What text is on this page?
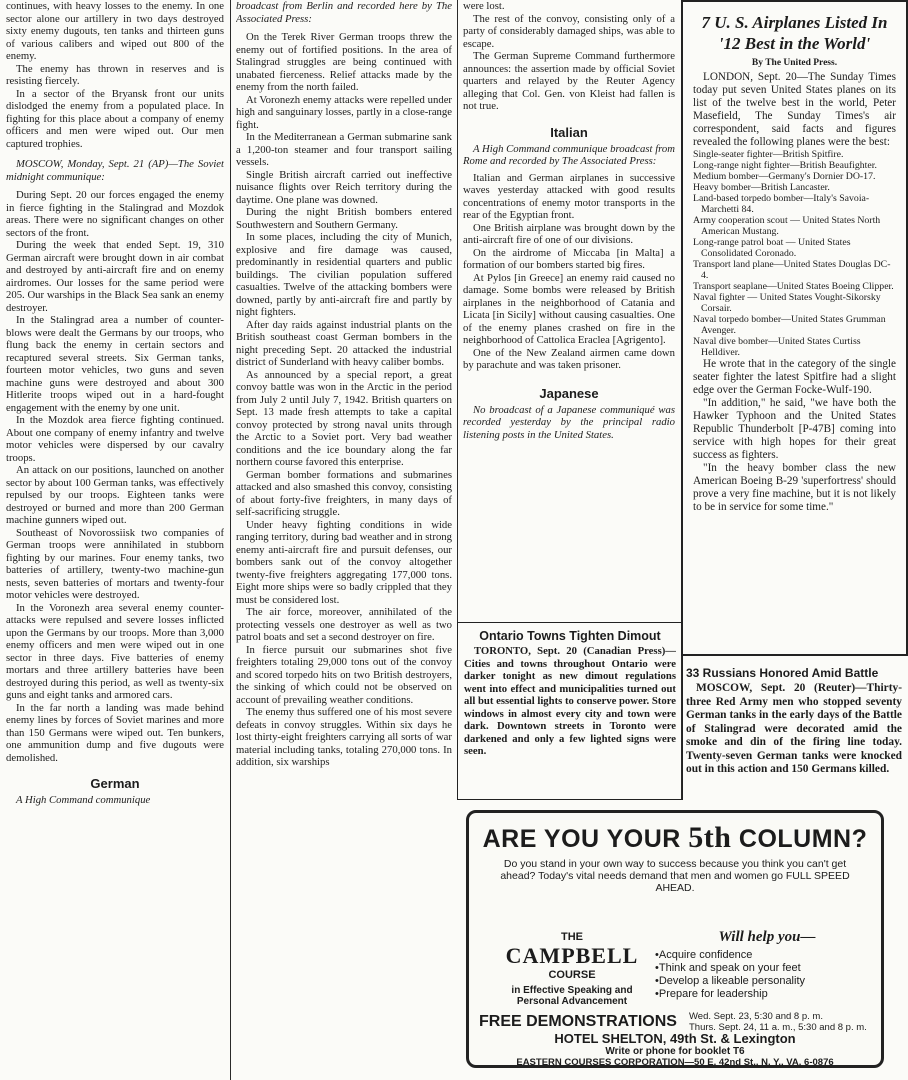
continues, with heavy losses to the enemy. In one sector alone our artillery in two days destroyed sixty enemy dugouts, ten tanks and thirteen guns of various calibers and wiped out 800 of the enemy.

The enemy has thrown in reserves and is resisting fiercely.

In a sector of the Bryansk front our units dislodged the enemy from a populated place. In fighting for this place about a company of enemy officers and men were wiped out. Our men captured trophies.

MOSCOW, Monday, Sept. 21 (AP)—The Soviet midnight communique:

During Sept. 20 our forces engaged the enemy in fierce fighting in the Stalingrad and Mozdok areas. There were no significant changes on other sectors of the front.

During the week that ended Sept. 19, 310 German aircraft were brought down in air combat and destroyed by anti-aircraft fire and on enemy airdromes. Our losses for the same period were 205. Our warships in the Black Sea sank an enemy destroyer.

In the Stalingrad area a number of counter-blows were dealt the Germans by our troops, who flung back the enemy in certain sectors and recaptured several streets. Six German tanks, fourteen motor vehicles, two guns and seven machine guns were destroyed and about 300 Hitlerite troops wiped out in a hard-fought engagement with the enemy by one unit.

In the Mozdok area fierce fighting continued. About one company of enemy infantry and twelve motor vehicles were dispersed by our cavalry troops.

An attack on our positions, launched on another sector by about 100 German tanks, was effectively repulsed by our troops. Eighteen tanks were destroyed or burned and more than 200 German machine gunners wiped out.

Southeast of Novorossiisk two companies of German troops were annihilated in stubborn fighting by our marines. Four enemy tanks, two batteries of artillery, twenty-two machine-gun nests, seven batteries of mortars and twenty-four motor vehicles were destroyed.

In the Voronezh area several enemy counter-attacks were repulsed and severe losses inflicted upon the Germans by our troops. More than 3,000 enemy officers and men were wiped out in one sector in three days. Five batteries of enemy mortars and three artillery batteries have been destroyed during this period, as well as twenty-six guns and eight tanks and armored cars.

In the far north a landing was made behind enemy lines by forces of Soviet marines and more than 150 Germans were wiped out. Ten bunkers, one ammunition dump and five dugouts were demolished.

German

A High Command communique

broadcast from Berlin and recorded here by The Associated Press:

On the Terek River German troops threw the enemy out of fortified positions. In the area of Stalingrad struggles are being continued with unabated fierceness. Relief attacks made by the enemy from the north failed.

At Voronezh enemy attacks were repelled under high and sanguinary losses, partly in a close-range fight.

In the Mediterranean a German submarine sank a 1,200-ton steamer and four transport sailing vessels.

Single British aircraft carried out ineffective nuisance flights over Reich territory during the daytime. One plane was downed.

During the night British bombers entered Southwestern and Southern Germany.

In some places, including the city of Munich, explosive and fire damage was caused, predominantly in residential quarters and public buildings. The civilian population suffered casualties. Twelve of the attacking bombers were downed, partly by anti-aircraft fire and partly by night fighters.

After day raids against industrial plants on the British southeast coast German bombers in the night preceding Sept. 20 attacked the industrial district of Sunderland with heavy caliber bombs.

As announced by a special report, a great convoy battle was won in the Arctic in the period from July 2 until July 7, 1942. British quarters on Sept. 13 made fresh attempts to take a capital convoy protected by strong naval units through the Arctic to a Soviet port. Very bad weather conditions and the ice boundary along the far northern course favored this enterprise.

German bomber formations and submarines attacked and also smashed this convoy, consisting of about forty-five freighters, in many days of self-sacrificing struggle.

Under heavy fighting conditions in wide ranging territory, during bad weather and in strong enemy anti-aircraft fire and pursuit defenses, our bombers sank out of the convoy altogether twenty-five freighters aggregating 177,000 tons. Eight more ships were so badly crippled that they must be considered lost.

The air force, moreover, annihilated of the protecting vessels one destroyer as well as two patrol boats and set a second destroyer on fire.

In fierce pursuit our submarines shot five freighters totaling 29,000 tons out of the convoy and scored torpedo hits on two British destroyers, the sinking of which could not be observed on account of prevailing weather conditions.

The enemy thus suffered one of his most severe defeats in convoy struggles. Within six days he lost thirty-eight freighters carrying all sorts of war material including tanks, totaling 270,000 tons. In addition, six warships

were lost.

The rest of the convoy, consisting only of a party of considerably damaged ships, was able to escape.

The German Supreme Command furthermore announces: the assertion made by official Soviet quarters and relayed by the Reuter Agency alleging that Col. Gen. von Kleist had fallen is not true.

Italian

A High Command communique broadcast from Rome and recorded by The Associated Press:

Italian and German airplanes in successive waves yesterday attacked with good results concentrations of enemy motor transports in the rear of the Egyptian front.

One British airplane was brought down by the anti-aircraft fire of one of our divisions.

On the airdrome of Miccaba [in Malta] a formation of our bombers started big fires.

At Pylos [in Greece] an enemy raid caused no damage. Some bombs were released by British airplanes in the neighborhood of Catania and Licata [in Sicily] without causing casualties. One of the enemy planes crashed on fire in the neighborhood of Cattolica Eraclea [Agrigento].

One of the New Zealand airmen came down by parachute and was taken prisoner.

Japanese

No broadcast of a Japanese communiqué was recorded yesterday by the principal radio listening posts in the United States.

Ontario Towns Tighten Dimout

TORONTO, Sept. 20 (Canadian Press)—Cities and towns throughout Ontario were darker tonight as new dimout regulations went into effect and municipalities turned out all but essential lights to conserve power. Store windows in almost every city and town were dark. Downtown streets in Toronto were darkened and only a few lighted signs were seen.

7 U. S. Airplanes Listed In '12 Best in the World'
By The United Press.

LONDON, Sept. 20—The Sunday Times today put seven United States planes on its list of the twelve best in the world, Peter Masefield, The Sunday Times's air correspondent, said facts and figures revealed the following planes were the best:

Single-seater fighter—British Spitfire.

Long-range night fighter—British Beaufighter.

Medium bomber—Germany's Dornier DO-17.

Heavy bomber—British Lancaster.

Land-based torpedo bomber—Italy's Savoia-Marchetti 84.

Army cooperation scout — United States North American Mustang.

Long-range patrol boat — United States Consolidated Coronado.

Transport land plane—United States Douglas DC-4.

Transport seaplane—United States Boeing Clipper.

Naval fighter — United States Vought-Sikorsky Corsair.

Naval torpedo bomber—United States Grumman Avenger.

Naval dive bomber—United States Curtiss Helldiver.

He wrote that in the category of the single seater fighter the latest Spitfire had a slight edge over the German Focke-Wulf-190.

"In addition," he said, "we have both the Hawker Typhoon and the United States Republic Thunderbolt [P-47B] coming into service with high hopes for their great success as fighters.

"In the heavy bomber class the new American Boeing B-29 'superfortress' should prove a very fine machine, but it is not likely to be in service for some time."

33 Russians Honored Amid Battle

MOSCOW, Sept. 20 (Reuter)—Thirty-three Red Army men who stopped seventy German tanks in the early days of the Battle of Stalingrad were decorated amid the smoke and din of the firing line today. Twenty-seven German tanks were knocked out in this action and 150 Germans killed.

ARE YOU YOUR 5th COLUMN?
Do you stand in your own way to success because you think you can't get ahead? Today's vital needs demand that men and women go FULL SPEED AHEAD.
THE
CAMPBELL
COURSE
in Effective Speaking and Personal Advancement
Will help you—
• Acquire confidence
• Think and speak on your feet
• Develop a likeable personality
• Prepare for leadership
FREE DEMONSTRATIONS Wed. Sept. 23, 5:30 and 8 p. m.
Thurs. Sept. 24, 11 a. m., 5:30 and 8 p. m.
HOTEL SHELTON, 49th St. & Lexington
Write or phone for booklet T6
EASTERN COURSES CORPORATION—50 E. 42nd St., N. Y., VA. 6-0876
